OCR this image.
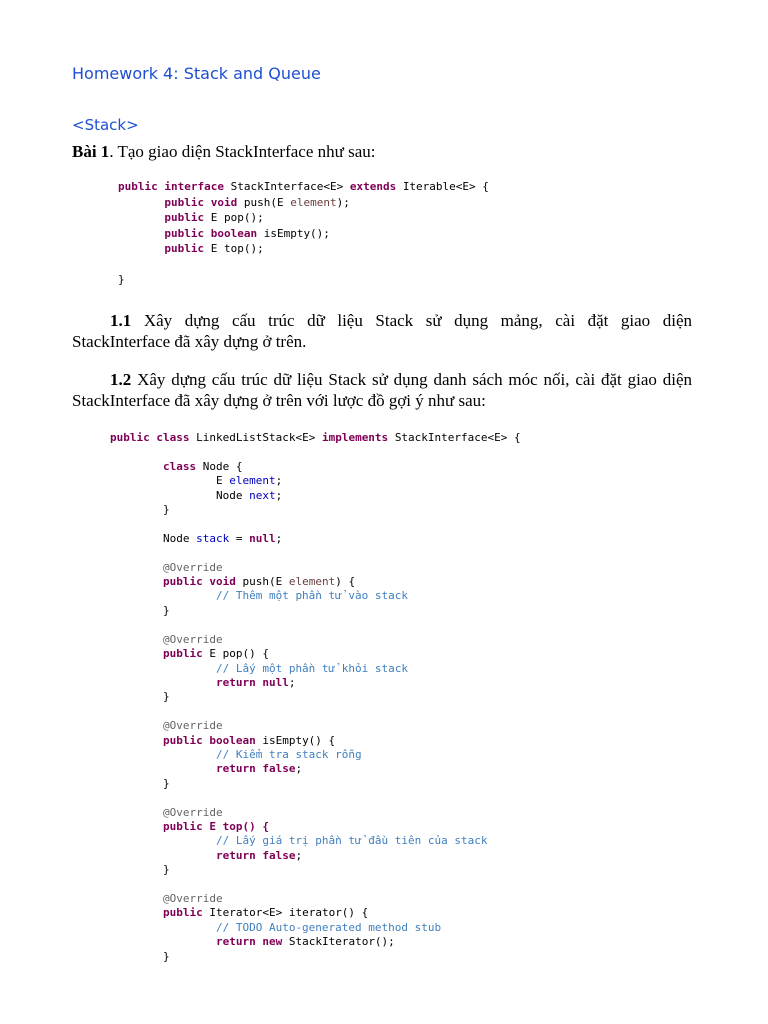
Homework 4: Stack and Queue
<Stack>
Bài 1. Tạo giao diện StackInterface như sau:
public interface StackInterface<E> extends Iterable<E> {
public void push(E element);
public E pop();
public boolean isEmpty();
public E top();

}
1.1 Xây dựng cấu trúc dữ liệu Stack sử dụng mảng, cài đặt giao diện
StackInterface đã xây dựng ở trên.
1.2 Xây dựng cấu trúc dữ liệu Stack sử dụng danh sách móc nối, cài đặt giao diện
StackInterface đã xây dựng ở trên với lược đồ gợi ý như sau:
public class LinkedListStack<E> implements StackInterface<E> {

class Node {
E element;
Node next;
}

Node stack = null;

@Override
public void push(E element) {
// Thêm một phần tử vào stack
}

@Override
public E pop() {
// Lấy một phần tử khỏi stack
return null;
}

@Override
public boolean isEmpty() {
// Kiểm tra stack rỗng
return false;
}

@Override
public E top() {
// Lấy giá trị phần tử đầu tiên của stack
return false;
}

@Override
public Iterator<E> iterator() {
// TODO Auto-generated method stub
return new StackIterator();
}
